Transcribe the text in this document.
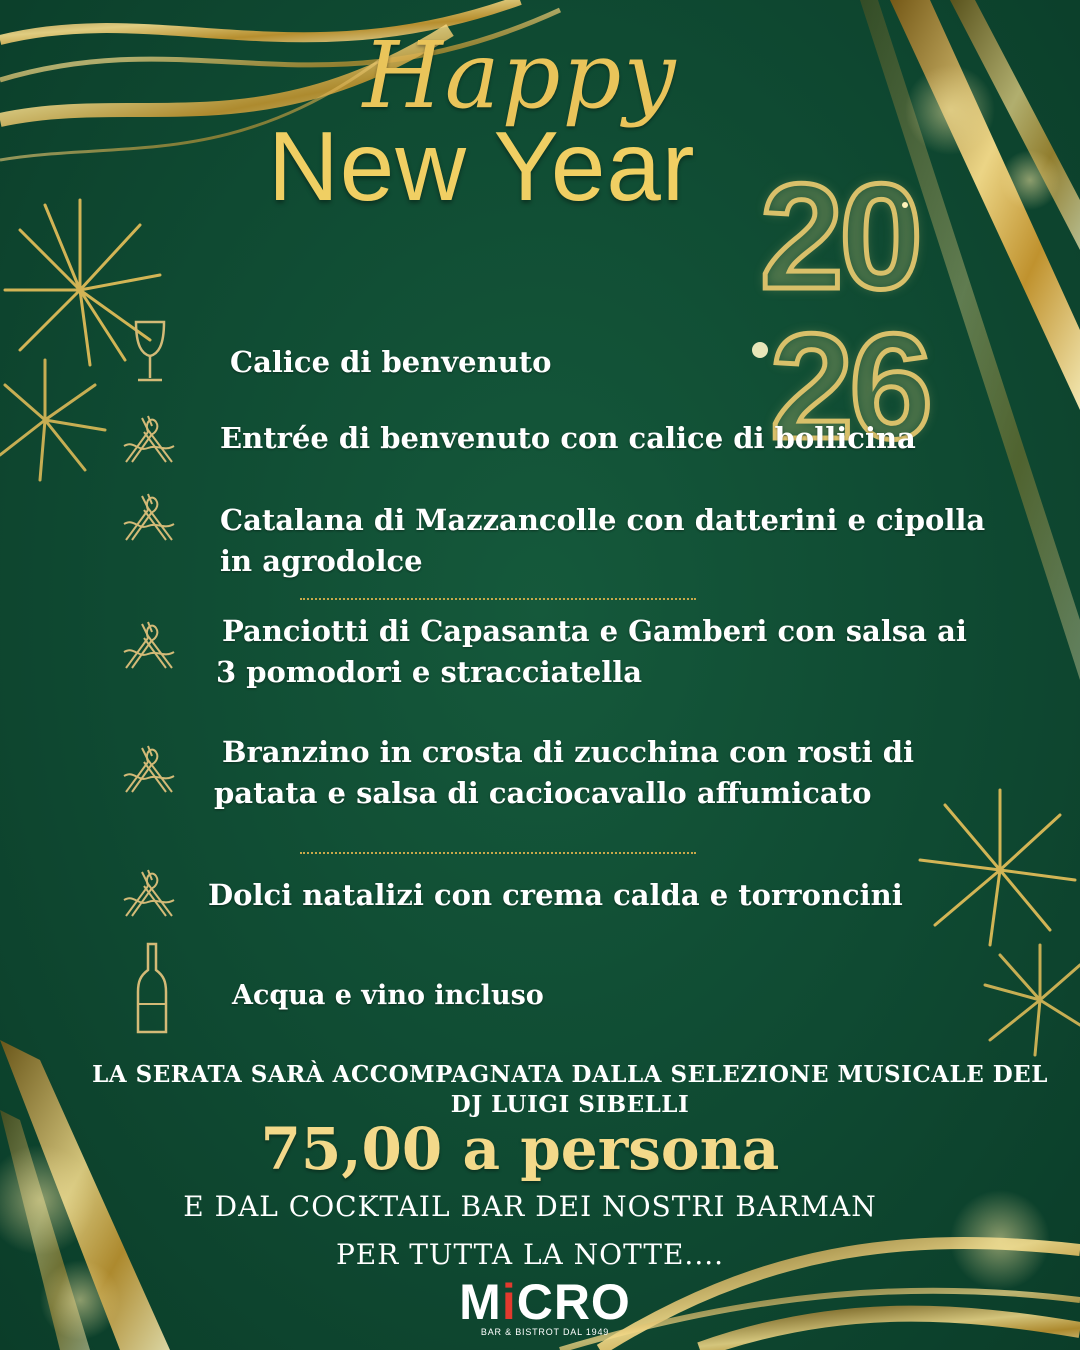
Happy
New Year 20
26
Calice di benvenuto
Entrée di benvenuto con calice di bollicina
Catalana di Mazzancolle con datterini e cipolla
in agrodolce
Panciotti di Capasanta e Gamberi con salsa ai
3 pomodori e stracciatella
Branzino in crosta di zucchina con rosti di
patata e salsa di caciocavallo affumicato
Dolci natalizi con crema calda e torroncini
Acqua e vino incluso
LA SERATA SARÀ ACCOMPAGNATA DALLA SELEZIONE MUSICALE DEL
DJ LUIGI SIBELLI
75,00 a persona
E DAL COCKTAIL BAR DEI NOSTRI BARMAN
PER TUTTA LA NOTTE....
MiCRO
BAR & BISTROT DAL 1949
